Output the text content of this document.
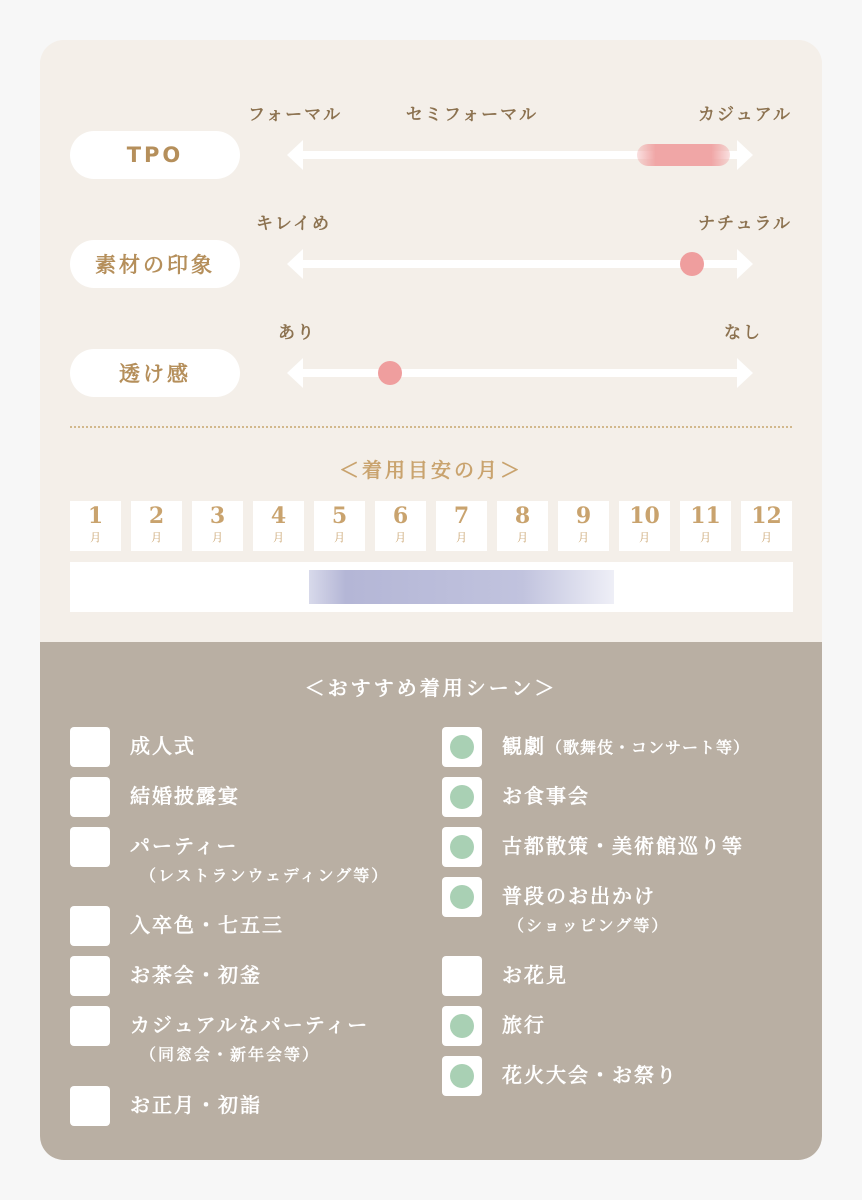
フォーマル	セミフォーマル	カジュアル
TPO
キレイめ	ナチュラル
素材の印象
あり	なし
透け感
＜着用目安の月＞
1
月
2
月
3
月
4
月
5
月
6
月
7
月
8
月
9
月
10
月
11
月
12
月
＜おすすめ着用シーン＞
成人式
結婚披露宴
パーティー
（レストランウェディング等）
入卒色・七五三
お茶会・初釜
カジュアルなパーティー
（同窓会・新年会等）
お正月・初詣
観劇（歌舞伎・コンサート等）
お食事会
古都散策・美術館巡り等
普段のお出かけ
（ショッピング等）
お花見
旅行
花火大会・お祭り
